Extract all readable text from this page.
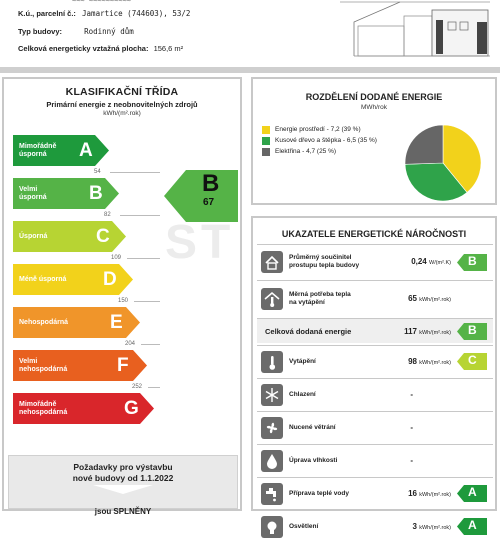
~~~ ~~~~~~~~~~
K.ú., parcelní č.: Jamartice (744603), 53/2
Typ budovy:	Rodinný dům
Celková energeticky vztažná plocha: 156,6 m²
KLASIFIKAČNÍ TŘÍDA
Primární energie z neobnovitelných zdrojů
kWh/(m².rok)
Mimořádně
úsporná	A
54
Velmi
úsporná B
82
Úsporná	C
109
Méně úsporná D
150
Nehospodárná E
204
Velmi
nehospodárná	F
252
Mimořádně
nehospodárná	G
B
67
Požadavky pro výstavbu
nové budovy od 1.1.2022
jsou SPLNĚNY
ST
ROZDĚLENÍ DODANÉ ENERGIE
MWh/rok
Energie prostředí - 7,2 (39 %)
Kusové dřevo a štěpka - 6,5 (35 %)
Elektřina - 4,7 (25 %)
UKAZATELE ENERGETICKÉ NÁROČNOSTI
Průměrný součinitel
prostupu tepla budovy	0,24 W/(m².K) B
Měrná potřeba tepla
na vytápění	65 kWh/(m².rok)
Celková dodaná energie	117 kWh/(m².rok) B
Vytápění	98 kWh/(m².rok) C
Chlazení	-
Nucené větrání	-
Úprava vlhkosti	-
Příprava teplé vody	16 kWh/(m².rok) A
Osvětlení	3 kWh/(m².rok) A
